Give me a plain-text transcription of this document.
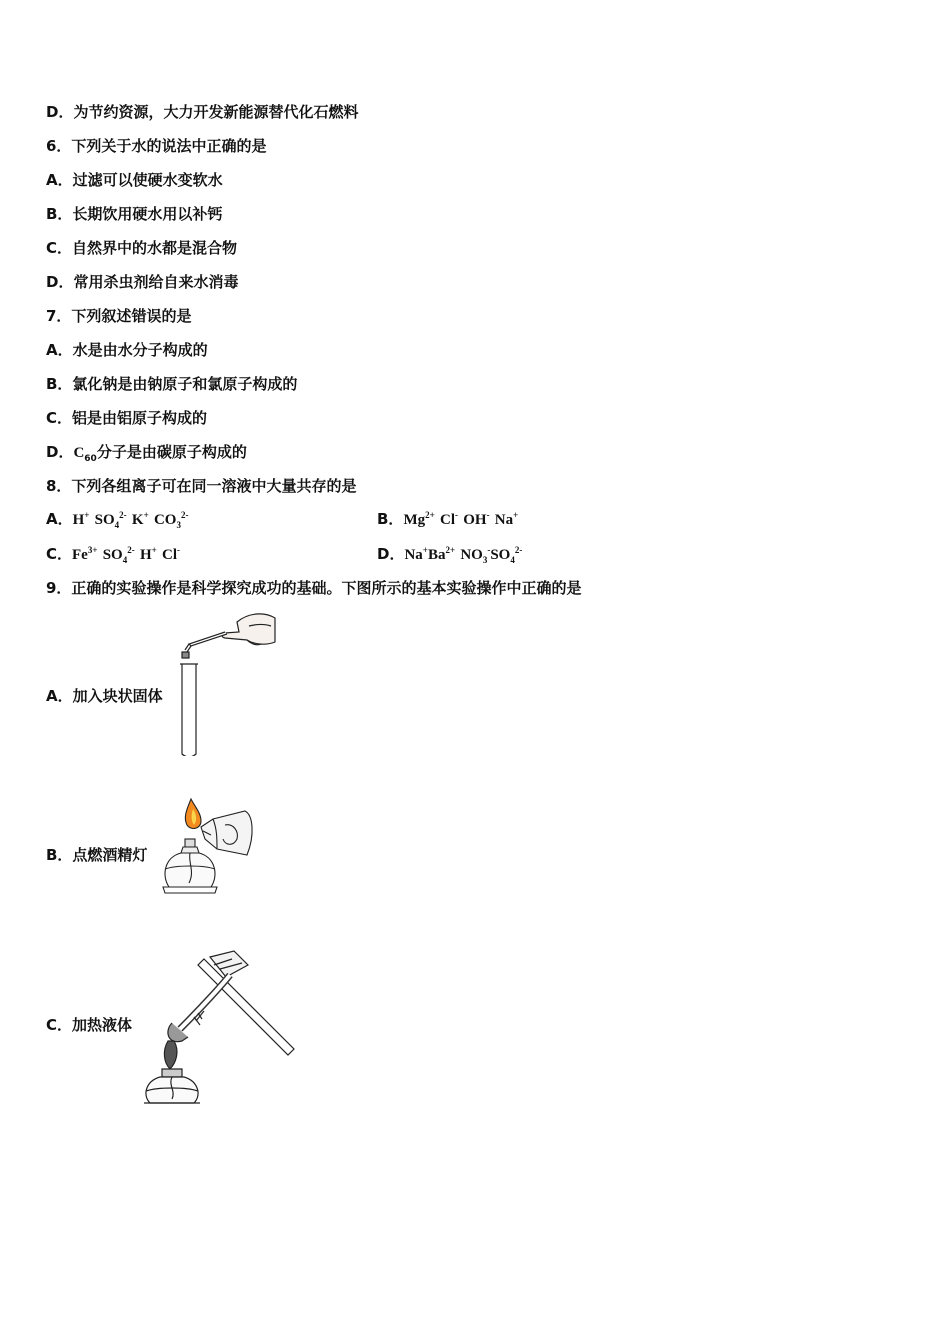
D．为节约资源，大力开发新能源替代化石燃料
6．下列关于水的说法中正确的是
A．过滤可以使硬水变软水
B．长期饮用硬水用以补钙
C．自然界中的水都是混合物
D．常用杀虫剂给自来水消毒
7．下列叙述错误的是
A．水是由水分子构成的
B．氯化钠是由钠原子和氯原子构成的
C．铝是由铝原子构成的
D．$C_{60}$分子是由碳原子构成的
8．下列各组离子可在同一溶液中大量共存的是
A．H+ $SO_4^{2-}$ K+ $CO_3^{2-}$	B．$Mg^{2+}$ Cl- OH- Na+
C．$Fe^{3+}$ $SO_4^{2-}$ H+ Cl-	D．$Na^+Ba^{2+}$ $NO_3^-SO_4^{2-}$
9．正确的实验操作是科学探究成功的基础。下图所示的基本实验操作中正确的是
A．加入块状固体
B．点燃酒精灯
C．加热液体
